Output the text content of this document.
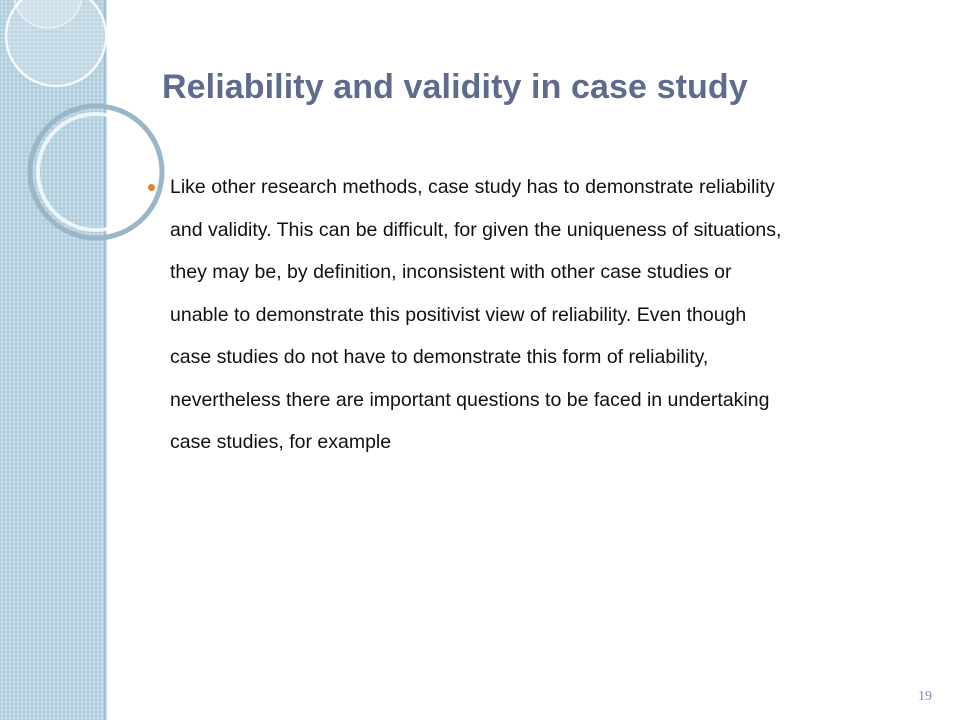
Reliability and validity in case study
Like other research methods, case study has to demonstrate reliability
and validity. This can be difficult, for given the uniqueness of situations,
they may be, by definition, inconsistent with other case studies or
unable to demonstrate this positivist view of reliability. Even though
case studies do not have to demonstrate this form of reliability,
nevertheless there are important questions to be faced in undertaking
case studies, for example
19
